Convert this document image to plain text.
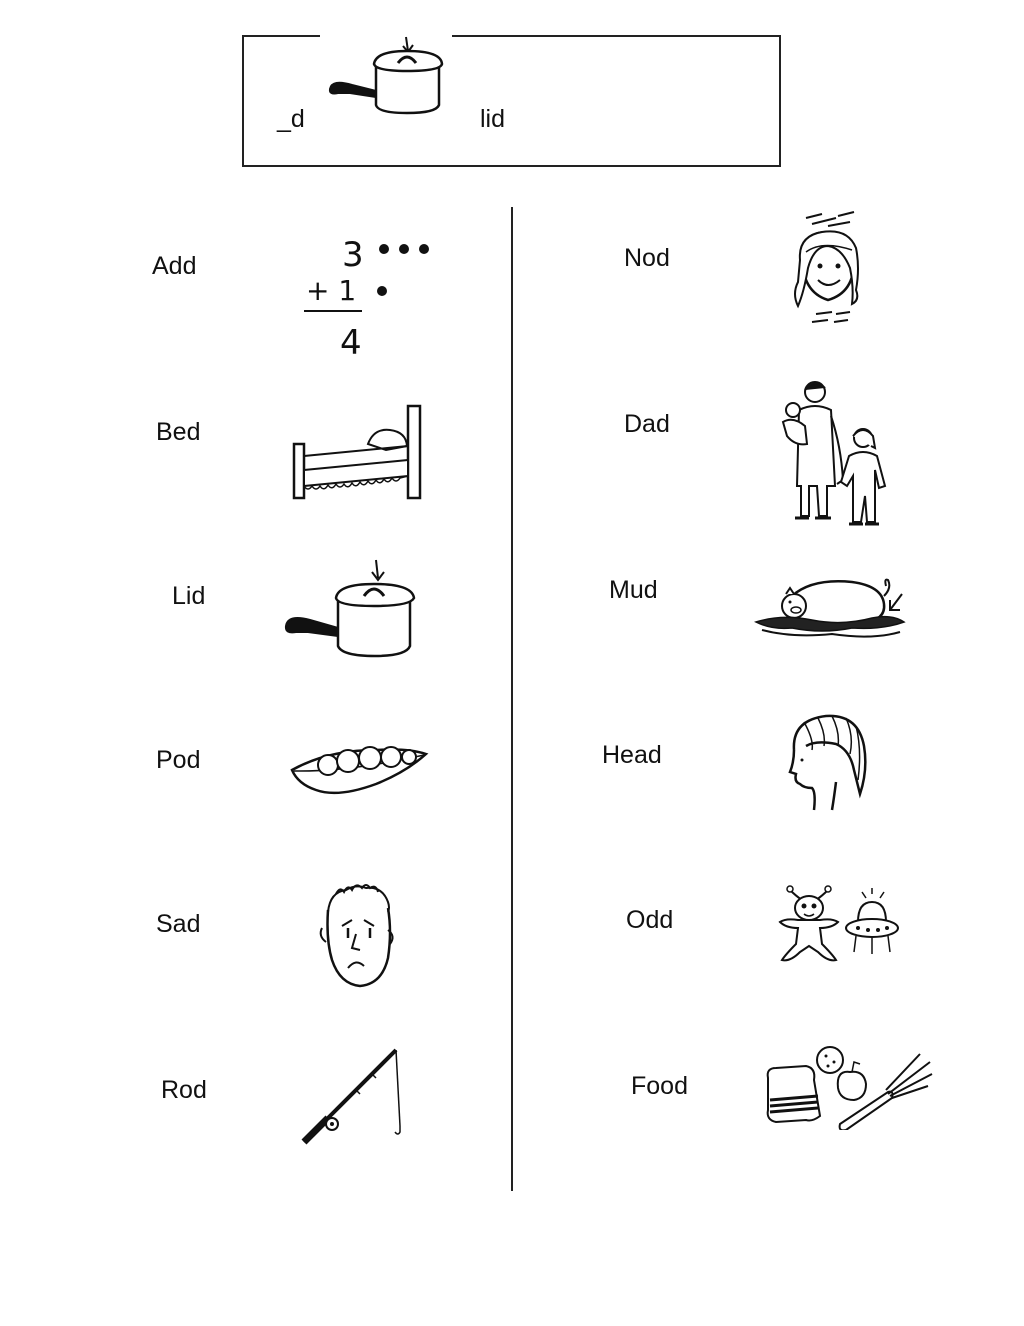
_d	lid
Add	3
+ 1
4
Bed
Lid
Pod
Sad
Rod
Nod
Dad
Mud
Head
Odd
Food
